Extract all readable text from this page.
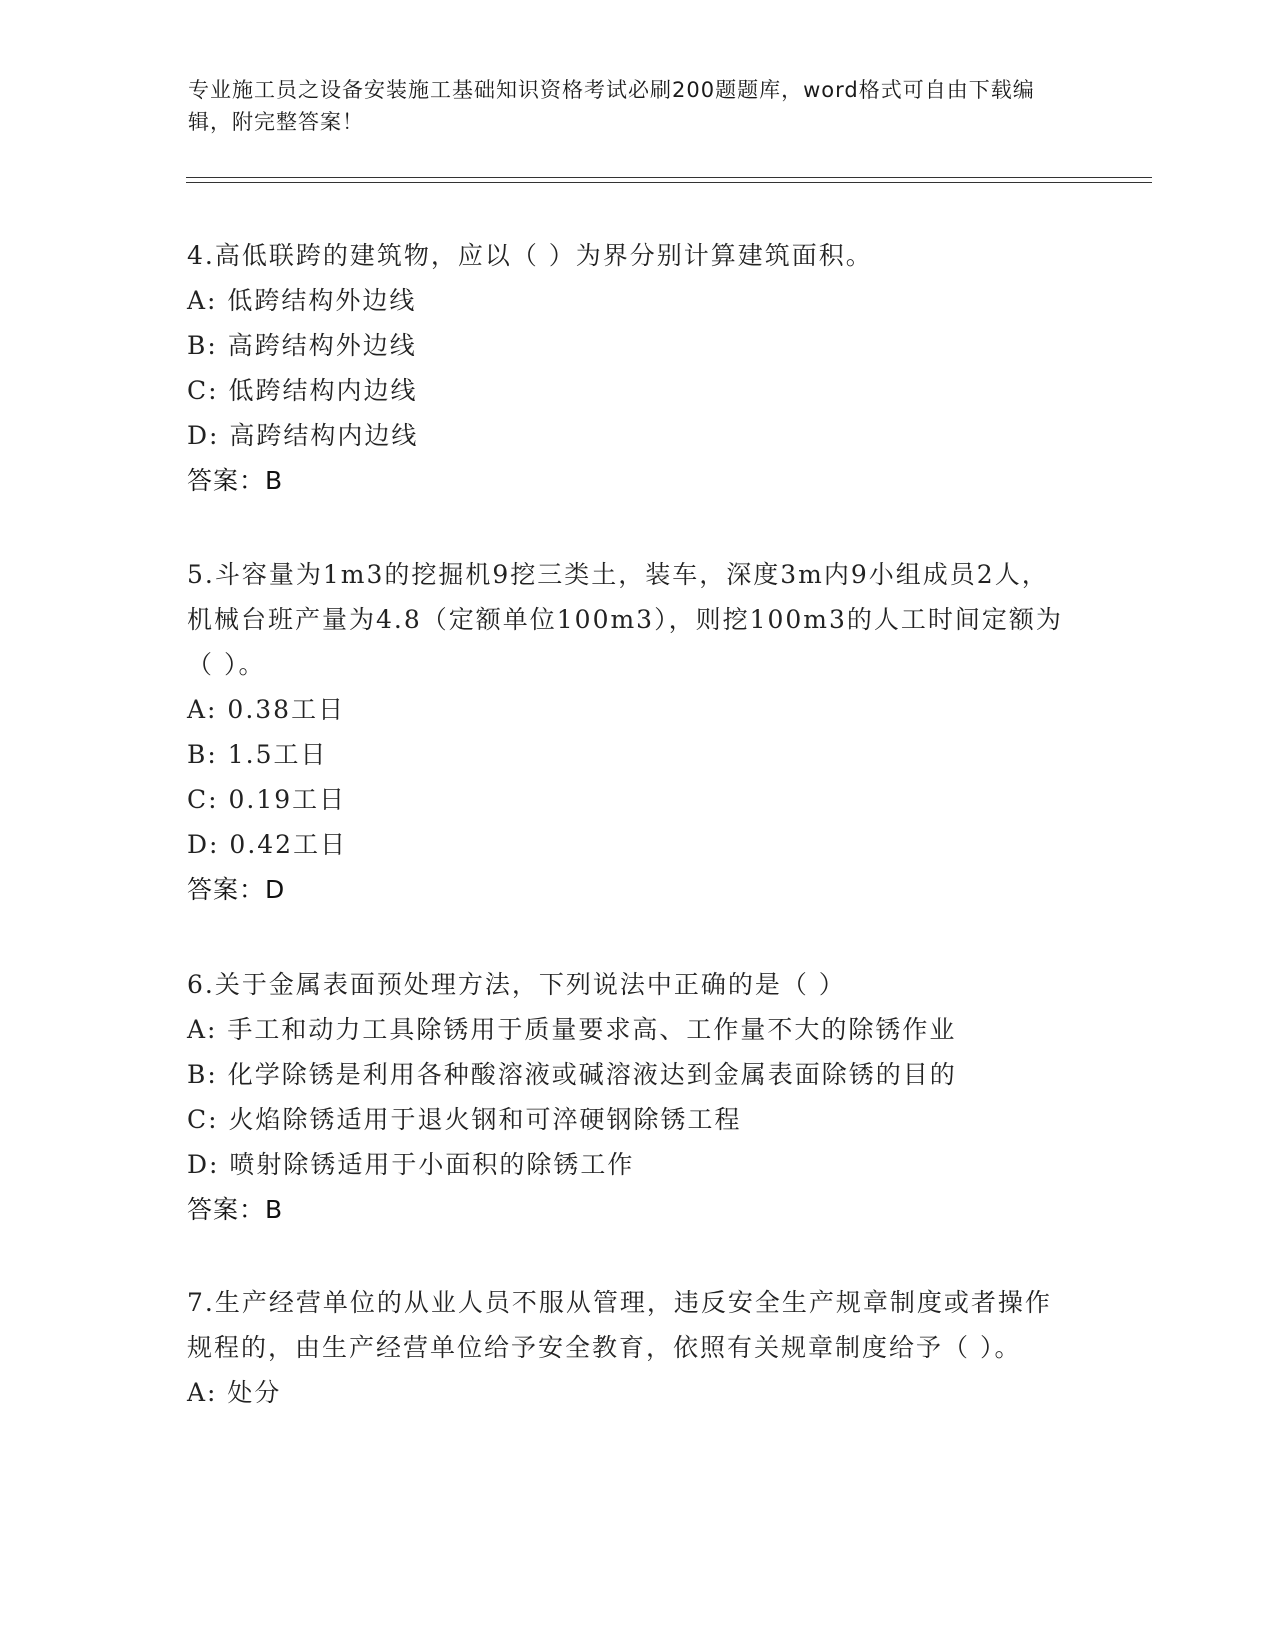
专业施工员之设备安装施工基础知识资格考试必刷200题题库，word格式可自由下载编辑，附完整答案！

4.高低联跨的建筑物，应以（ ）为界分别计算建筑面积。

A: 低跨结构外边线

B: 高跨结构外边线

C: 低跨结构内边线

D: 高跨结构内边线

答案：B

5.斗容量为1m3的挖掘机9挖三类土，装车，深度3m内9小组成员2人，机械台班产量为4.8（定额单位100m3），则挖100m3的人工时间定额为（ ）。

A: 0.38工日

B: 1.5工日

C: 0.19工日

D: 0.42工日

答案：D

6.关于金属表面预处理方法，下列说法中正确的是（ ）

A: 手工和动力工具除锈用于质量要求高、工作量不大的除锈作业

B: 化学除锈是利用各种酸溶液或碱溶液达到金属表面除锈的目的

C: 火焰除锈适用于退火钢和可淬硬钢除锈工程

D: 喷射除锈适用于小面积的除锈工作

答案：B

7.生产经营单位的从业人员不服从管理，违反安全生产规章制度或者操作规程的，由生产经营单位给予安全教育，依照有关规章制度给予（ ）。

A: 处分
